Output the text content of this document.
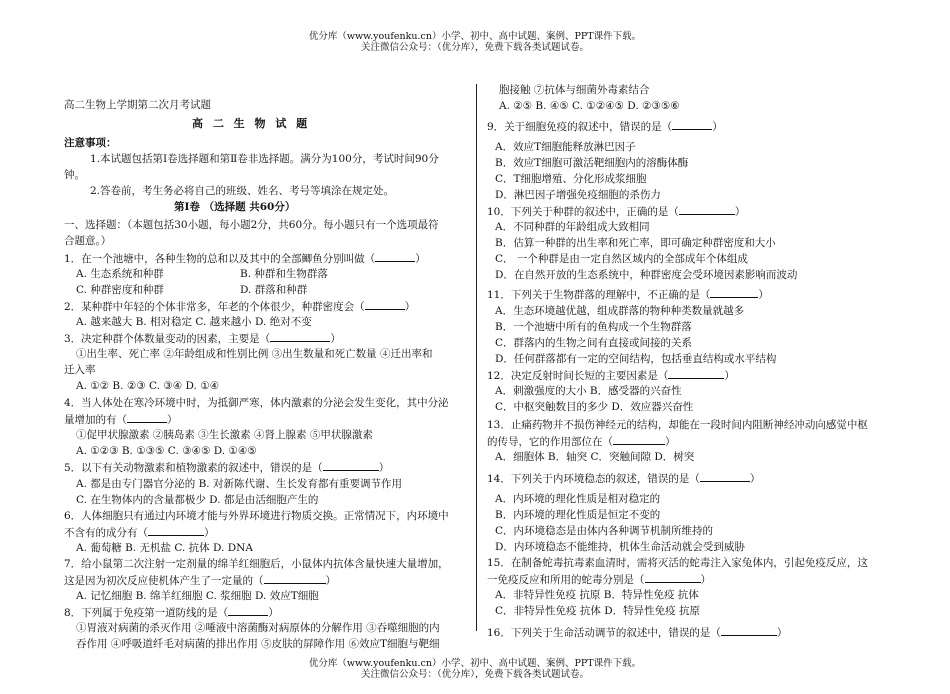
优分库（www.youfenku.cn）小学、初中、高中试题、案例、PPT课件下载。
关注微信公众号：（优分库），免费下载各类试题试卷。
高二生物上学期第二次月考试题
高 二 生 物 试 题
注意事项：
1.本试题包括第Ⅰ卷选择题和第Ⅱ卷非选择题。满分为100分，考试时间90分
钟。
2.答卷前，考生务必将自己的班级、姓名、考号等填涂在规定处。
第Ⅰ卷 （选择题 共60分）
一、选择题：（本题包括30小题，每小题2分，共60分。每小题只有一个选项最符
合题意。）
1．在一个池塘中，各种生物的总和以及其中的全部鲫鱼分别叫做（	）
A. 生态系统和种群	B. 种群和生物群落
C. 种群密度和种群	D. 群落和种群
2．某种群中年轻的个体非常多，年老的个体很少，种群密度会（	）
A. 越来越大 B. 相对稳定 C. 越来越小 D. 绝对不变
3．决定种群个体数量变动的因素，主要是（	）
①出生率、死亡率 ②年龄组成和性别比例 ③出生数量和死亡数量 ④迁出率和
迁入率
A. ①② B. ②③ C. ③④ D. ①④
4．当人体处在寒冷环境中时，为抵御严寒，体内激素的分泌会发生变化，其中分泌
量增加的有（	）
①促甲状腺激素 ②胰岛素 ③生长激素 ④肾上腺素 ⑤甲状腺激素
A. ①②③ B. ①③⑤ C. ③④⑤ D. ①④⑤
5．以下有关动物激素和植物激素的叙述中，错误的是（	）
A. 都是由专门器官分泌的 B. 对新陈代谢、生长发育都有重要调节作用
C. 在生物体内的含量都极少 D. 都是由活细胞产生的
6．人体细胞只有通过内环境才能与外界环境进行物质交换。正常情况下，内环境中
不含有的成分有（	）
A. 葡萄糖 B. 无机盐 C. 抗体 D. DNA
7．给小鼠第二次注射一定剂量的绵羊红细胞后，小鼠体内抗体含量快速大量增加，
这是因为初次反应使机体产生了一定量的（	）
A. 记忆细胞 B. 绵羊红细胞 C. 浆细胞 D. 效应T细胞
8．下列属于免疫第一道防线的是（	）
①胃液对病菌的杀灭作用 ②唾液中溶菌酶对病原体的分解作用 ③吞噬细胞的内
吞作用 ④呼吸道纤毛对病菌的排出作用 ⑤皮肤的屏障作用 ⑥效应T细胞与靶细
胞接触 ⑦抗体与细菌外毒素结合
A. ②⑤ B. ④⑤ C. ①②④⑤ D. ②③⑤⑥
9．关于细胞免疫的叙述中，错误的是（	）
A．效应T细胞能释放淋巴因子
B．效应T细胞可激活靶细胞内的溶酶体酶
C．T细胞增殖、分化形成浆细胞
D．淋巴因子增强免疫细胞的杀伤力
10．下列关于种群的叙述中，正确的是（	）
A．不同种群的年龄组成大致相同
B．估算一种群的出生率和死亡率，即可确定种群密度和大小
C． 一个种群是由一定自然区域内的全部成年个体组成
D．在自然开放的生态系统中，种群密度会受环境因素影响而波动
11．下列关于生物群落的理解中，不正确的是（	）
A．生态环境越优越，组成群落的物种种类数量就越多
B．一个池塘中所有的鱼构成一个生物群落
C．群落内的生物之间有直接或间接的关系
D．任何群落都有一定的空间结构，包括垂直结构或水平结构
12．决定反射时间长短的主要因素是（	）
A．刺激强度的大小 B．感受器的兴奋性
C．中枢突触数目的多少 D．效应器兴奋性
13．止痛药物并不损伤神经元的结构，却能在一段时间内阻断神经冲动向感觉中枢
的传导，它的作用部位在（	）
A．细胞体 B．轴突 C．突触间隙 D．树突
14．下列关于内环境稳态的叙述，错误的是（	）
A．内环境的理化性质是相对稳定的
B．内环境的理化性质是恒定不变的
C．内环境稳态是由体内各种调节机制所维持的
D．内环境稳态不能维持，机体生命活动就会受到威胁
15．在制备蛇毒抗毒素血清时，需将灭活的蛇毒注入家兔体内，引起免疫反应，这
一免疫反应和所用的蛇毒分别是（	）
A．非特异性免疫 抗原 B．特异性免疫 抗体
C．非特异性免疫 抗体 D．特异性免疫 抗原
16．下列关于生命活动调节的叙述中，错误的是（	）
优分库（www.youfenku.cn）小学、初中、高中试题、案例、PPT课件下载。
关注微信公众号：（优分库），免费下载各类试题试卷。
